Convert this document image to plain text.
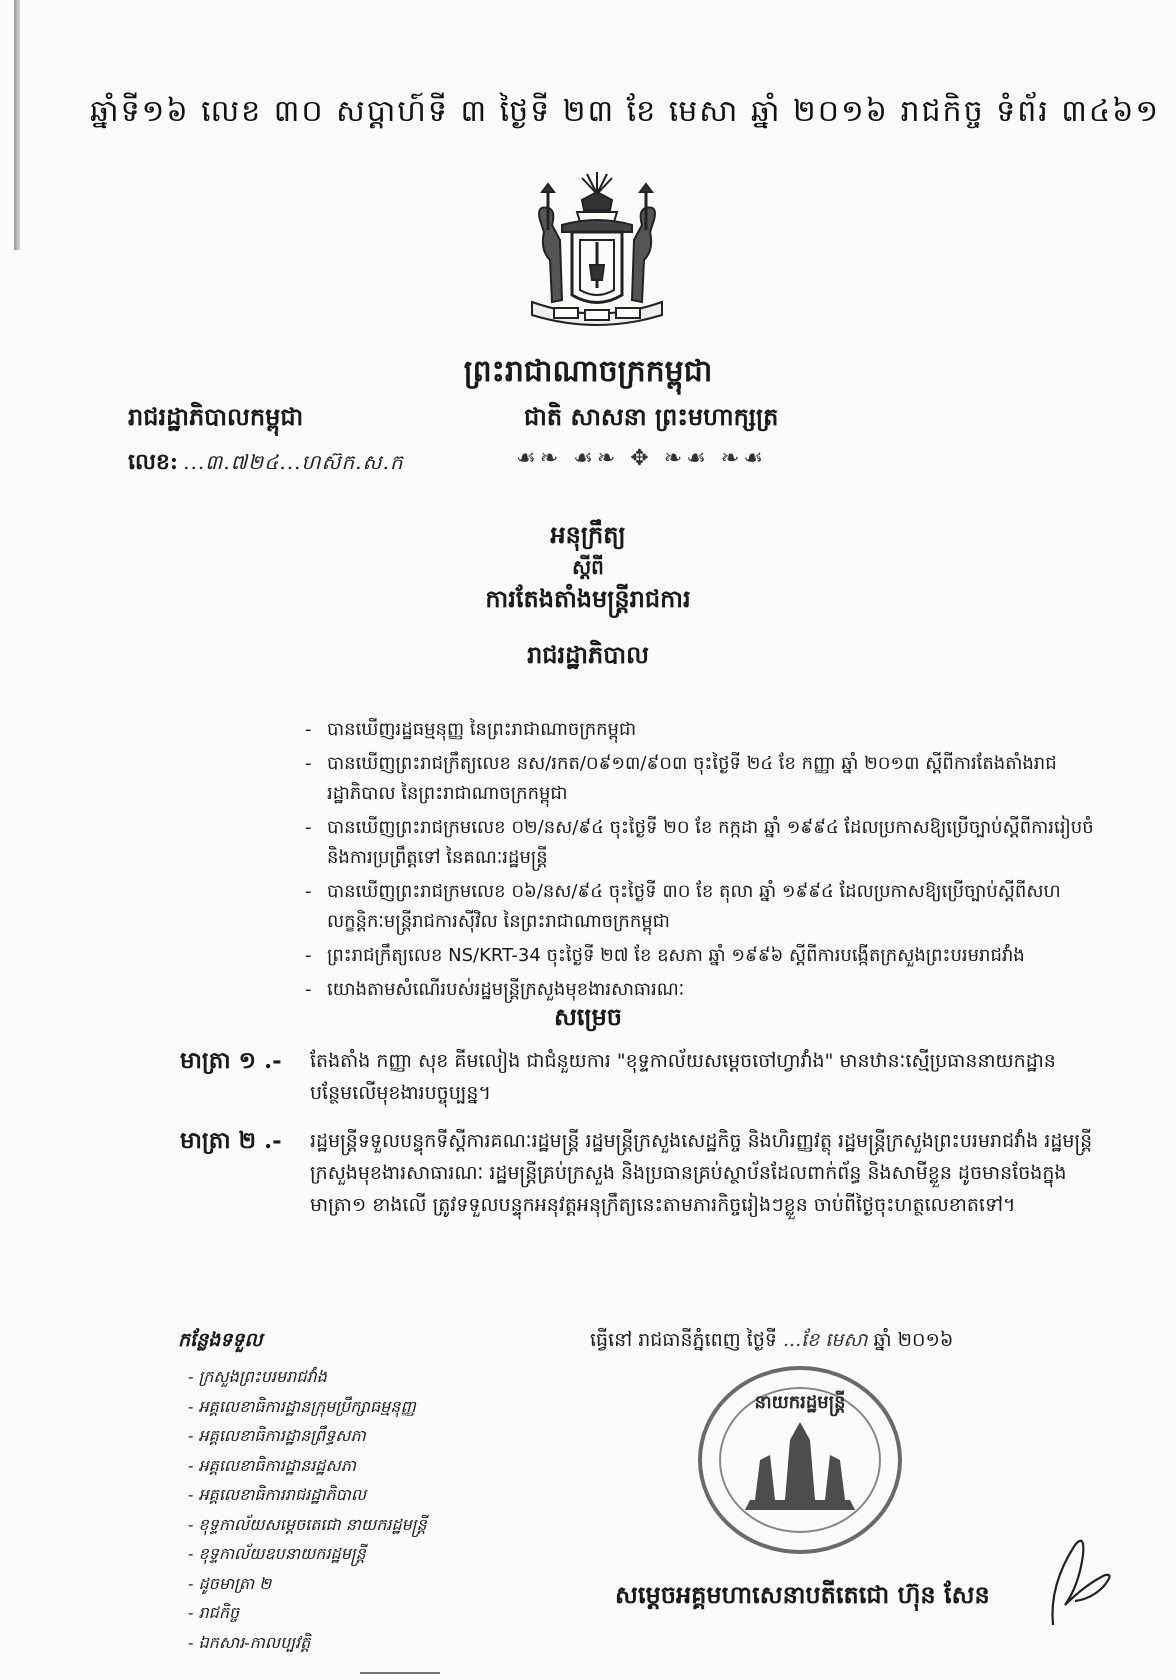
ឆ្នាំទី១៦ លេខ ៣០ សប្តាហ៍ទី ៣ ថ្ងៃទី ២៣ ខែ មេសា ឆ្នាំ ២០១៦ រាជកិច្ច ទំព័រ ៣៤៦១
ព្រះរាជាណាចក្រកម្ពុជា
រាជរដ្ឋាភិបាលកម្ពុជា	ជាតិ សាសនា ព្រះមហាក្សត្រ
លេខ: ...៣.៧២៤...ហស៊ក.ស.ក	☙❧ ☙❧ ✥ ❧☙ ❧☙
អនុក្រឹត្យ
ស្តីពី
ការតែងតាំងមន្ត្រីរាជការ
រាជរដ្ឋាភិបាល
- បានឃើញរដ្ឋធម្មនុញ្ញ នៃព្រះរាជាណាចក្រកម្ពុជា
- បានឃើញព្រះរាជក្រឹត្យលេខ នស/រកត/០៩១៣/៩០៣ ចុះថ្ងៃទី ២៤ ខែ កញ្ញា ឆ្នាំ ២០១៣ ស្តីពីការតែងតាំងរាជរដ្ឋាភិបាល នៃព្រះរាជាណាចក្រកម្ពុជា
- បានឃើញព្រះរាជក្រមលេខ ០២/នស/៩៤ ចុះថ្ងៃទី ២០ ខែ កក្កដា ឆ្នាំ ១៩៩៤ ដែលប្រកាសឱ្យប្រើច្បាប់ស្តីពីការរៀបចំនិងការប្រព្រឹត្តទៅ នៃគណៈរដ្ឋមន្ត្រី
- បានឃើញព្រះរាជក្រមលេខ ០៦/នស/៩៤ ចុះថ្ងៃទី ៣០ ខែ តុលា ឆ្នាំ ១៩៩៤ ដែលប្រកាសឱ្យប្រើច្បាប់ស្តីពីសហលក្ខន្តិកៈមន្ត្រីរាជការស៊ីវិល នៃព្រះរាជាណាចក្រកម្ពុជា
- ព្រះរាជក្រឹត្យលេខ NS/KRT-34 ចុះថ្ងៃទី ២៧ ខែ ឧសភា ឆ្នាំ ១៩៩៦ ស្តីពីការបង្កើតក្រសួងព្រះបរមរាជវាំង
- យោងតាមសំណើរបស់រដ្ឋមន្ត្រីក្រសួងមុខងារសាធារណៈ
សម្រេច
មាត្រា ១ .- តែងតាំង កញ្ញា សុខ គីមលៀង ជាជំនួយការ "ខុទ្ទកាល័យសម្តេចចៅហ្វាវាំង" មានឋានៈស្មើប្រធាននាយកដ្ឋានបន្ថែមលើមុខងារបច្ចុប្បន្ន។
មាត្រា ២ .- រដ្ឋមន្ត្រីទទួលបន្ទុកទីស្តីការគណៈរដ្ឋមន្ត្រី រដ្ឋមន្ត្រីក្រសួងសេដ្ឋកិច្ច និងហិរញ្ញវត្ថុ រដ្ឋមន្ត្រីក្រសួងព្រះបរមរាជវាំង រដ្ឋមន្ត្រីក្រសួងមុខងារសាធារណៈ រដ្ឋមន្ត្រីគ្រប់ក្រសួង និងប្រធានគ្រប់ស្ថាប័នដែលពាក់ព័ន្ធ និងសាមីខ្លួន ដូចមានចែងក្នុងមាត្រា១ ខាងលើ ត្រូវទទួលបន្ទុកអនុវត្តអនុក្រឹត្យនេះតាមភារកិច្ចរៀងៗខ្លួន ចាប់ពីថ្ងៃចុះហត្ថលេខាតទៅ។
ធ្វើនៅ រាជធានីភ្នំពេញ ថ្ងៃទី ...ខែ មេសា ឆ្នាំ ២០១៦
កន្លែងទទួល
- ក្រសួងព្រះបរមរាជវាំង
- អគ្គលេខាធិការដ្ឋានក្រុមប្រឹក្សាធម្មនុញ្ញ
- អគ្គលេខាធិការដ្ឋានព្រឹទ្ធសភា
- អគ្គលេខាធិការដ្ឋានរដ្ឋសភា
- អគ្គលេខាធិការរាជរដ្ឋាភិបាល
- ខុទ្ទកាល័យសម្តេចតេជោ នាយករដ្ឋមន្ត្រី
- ខុទ្ទកាល័យឧបនាយករដ្ឋមន្ត្រី
- ដូចមាត្រា ២
- រាជកិច្ច
- ឯកសារ-កាលប្បវត្តិ
នាយករដ្ឋមន្ត្រី
សម្តេចអគ្គមហាសេនាបតីតេជោ ហ៊ុន សែន
